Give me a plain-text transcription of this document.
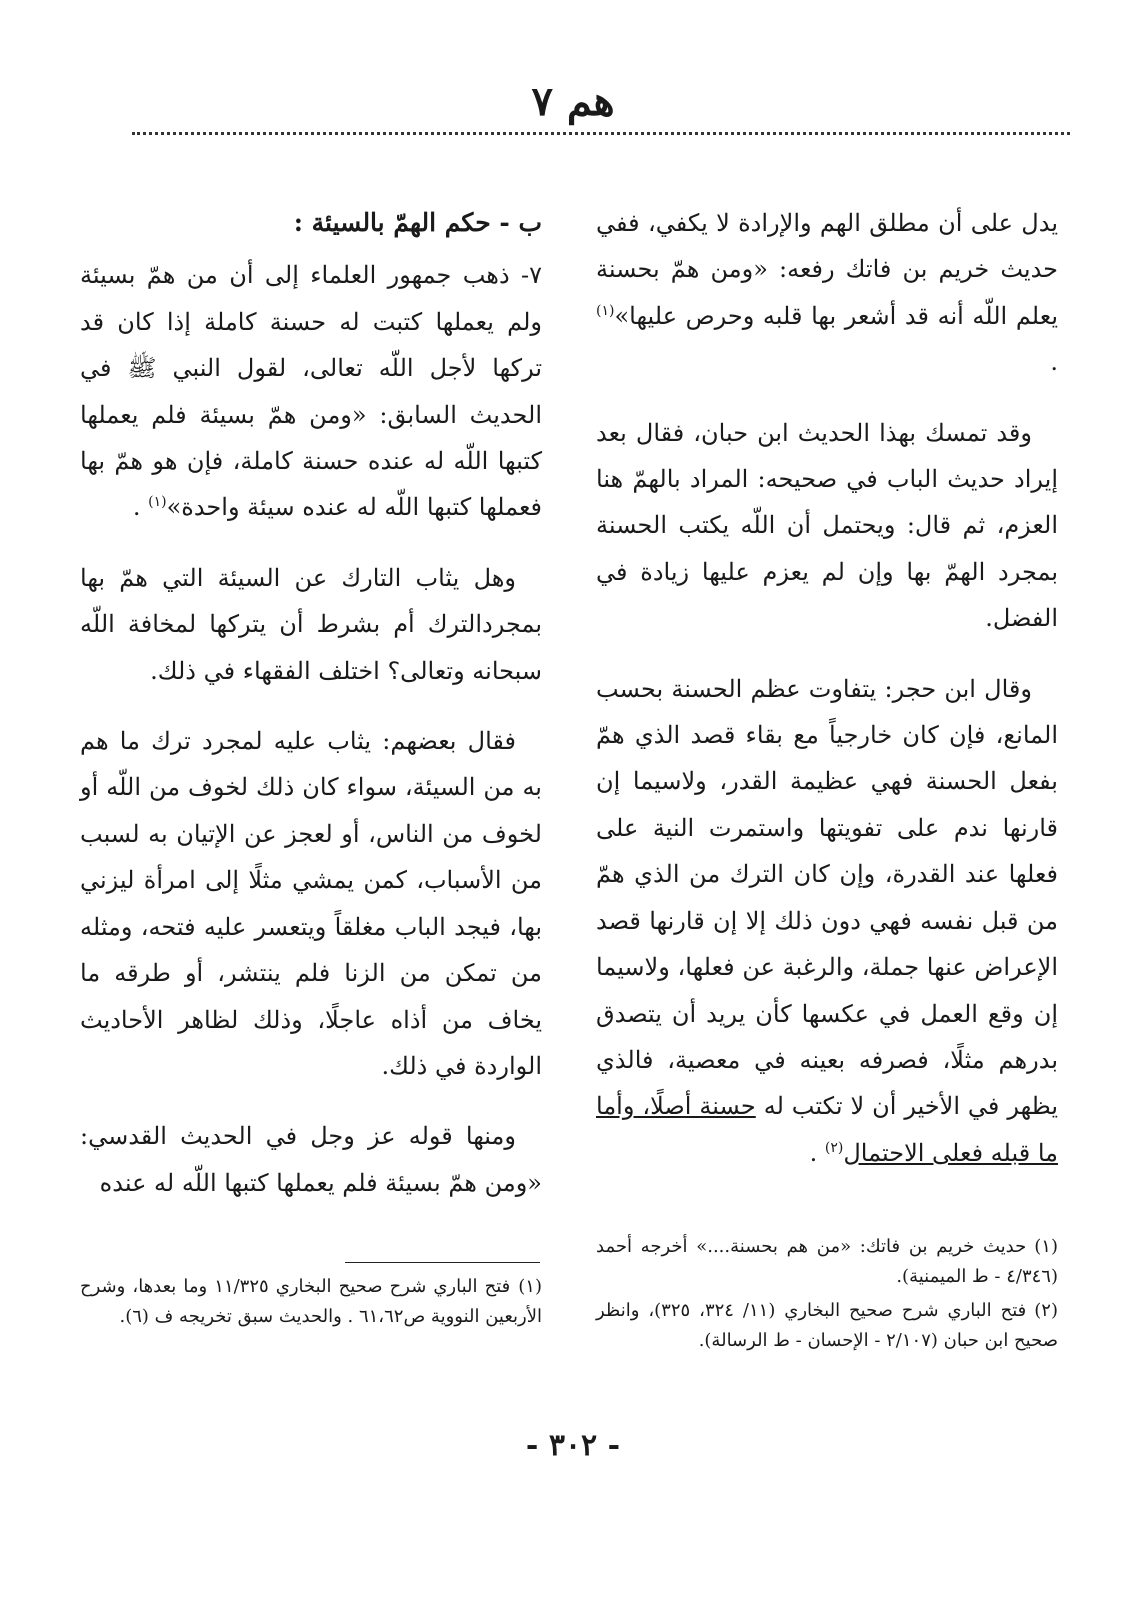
هم ٧

يدل على أن مطلق الهم والإرادة لا يكفي، ففي حديث خريم بن فاتك رفعه: «ومن همّ بحسنة يعلم اللّه أنه قد أشعر بها قلبه وحرص عليها»$^{(١)}$ .

وقد تمسك بهذا الحديث ابن حبان، فقال بعد إيراد حديث الباب في صحيحه: المراد بالهمّ هنا العزم، ثم قال: ويحتمل أن اللّه يكتب الحسنة بمجرد الهمّ بها وإن لم يعزم عليها زيادة في الفضل.

وقال ابن حجر: يتفاوت عظم الحسنة بحسب المانع، فإن كان خارجياً مع بقاء قصد الذي همّ بفعل الحسنة فهي عظيمة القدر، ولاسيما إن قارنها ندم على تفويتها واستمرت النية على فعلها عند القدرة، وإن كان الترك من الذي همّ من قبل نفسه فهي دون ذلك إلا إن قارنها قصد الإعراض عنها جملة، والرغبة عن فعلها، ولاسيما إن وقع العمل في عكسها كأن يريد أن يتصدق بدرهم مثلًا، فصرفه بعينه في معصية، فالذي يظهر في الأخير أن لا تكتب له حسنة أصلًا، وأما ما قبله فعلى الاحتمال$^{(٢)}$ .

ب - حكم الهمّ بالسيئة :

٧- ذهب جمهور العلماء إلى أن من همّ بسيئة ولم يعملها كتبت له حسنة كاملة إذا كان قد تركها لأجل اللّه تعالى، لقول النبي ﷺ في الحديث السابق: «ومن همّ بسيئة فلم يعملها كتبها اللّه له عنده حسنة كاملة، فإن هو همّ بها فعملها كتبها اللّه له عنده سيئة واحدة»$^{(١)}$ .

وهل يثاب التارك عن السيئة التي همّ بها بمجردالترك أم بشرط أن يتركها لمخافة اللّه سبحانه وتعالى؟ اختلف الفقهاء في ذلك.

فقال بعضهم: يثاب عليه لمجرد ترك ما هم به من السيئة، سواء كان ذلك لخوف من اللّه أو لخوف من الناس، أو لعجز عن الإتيان به لسبب من الأسباب، كمن يمشي مثلًا إلى امرأة ليزني بها، فيجد الباب مغلقاً ويتعسر عليه فتحه، ومثله من تمكن من الزنا فلم ينتشر، أو طرقه ما يخاف من أذاه عاجلًا، وذلك لظاهر الأحاديث الواردة في ذلك.

ومنها قوله عز وجل في الحديث القدسي: «ومن همّ بسيئة فلم يعملها كتبها اللّه له عنده

(١)حديث خريم بن فاتك: «من هم بحسنة....» أخرجه أحمد (٤/٣٤٦ - ط الميمنية).
(٢)فتح الباري شرح صحيح البخاري (١١/ ٣٢٤، ٣٢٥)، وانظر صحيح ابن حبان (٢/١٠٧ - الإحسان - ط الرسالة).
(١)فتح الباري شرح صحيح البخاري ١١/٣٢٥ وما بعدها، وشرح الأربعين النووية ص٦١،٦٢ . والحديث سبق تخريجه ف (٦).
- ٣٠٢ -
